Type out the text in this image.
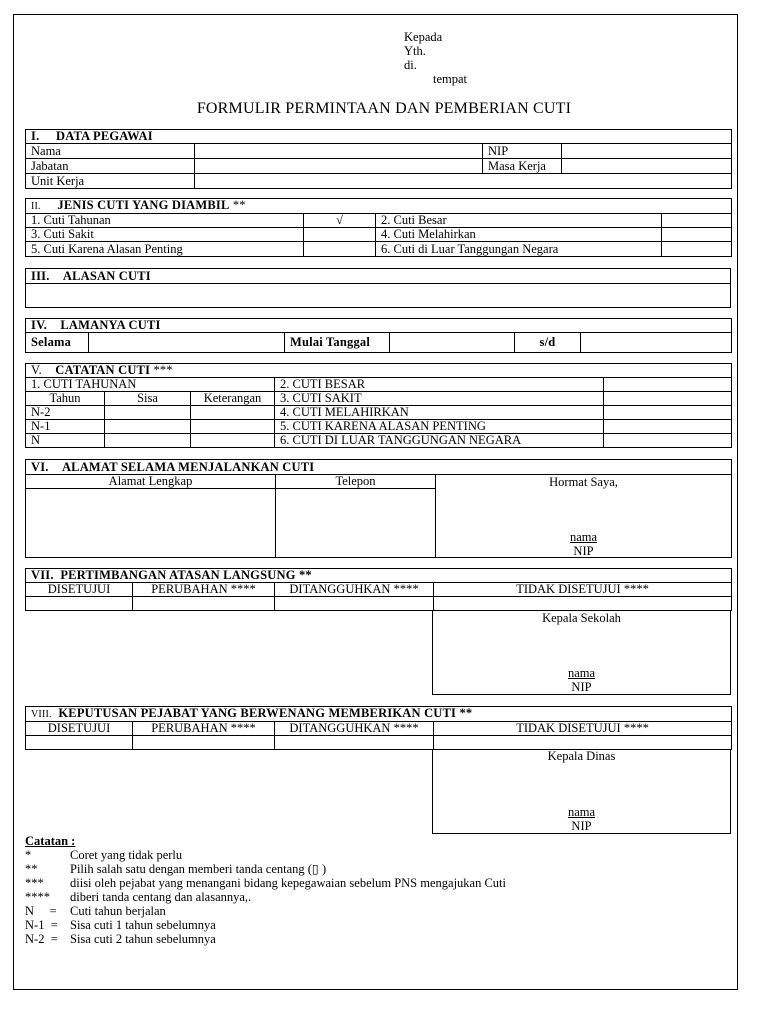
Kepada
Yth.
di.
tempat
FORMULIR PERMINTAAN DAN PEMBERIAN CUTI
I. DATA PEGAWAI			
Nama		NIP	
Jabatan		Masa Kerja	
Unit Kerja			
II. JENIS CUTI YANG DIAMBIL **			
1. Cuti Tahunan	√	2. Cuti Besar	
3. Cuti Sakit		4. Cuti Melahirkan	
5. Cuti Karena Alasan Penting		6. Cuti di Luar Tanggungan Negara	
III. ALASAN CUTI

IV. LAMANYA CUTI
Selama		Mulai Tanggal		s/d	
V. CATATAN CUTI ***				
1. CUTI TAHUNAN			2. CUTI BESAR	
Tahun	Sisa	Keterangan	3. CUTI SAKIT	
N-2			4. CUTI MELAHIRKAN	
N-1			5. CUTI KARENA ALASAN PENTING	
N			6. CUTI DI LUAR TANGGUNGAN NEGARA	
VI. ALAMAT SELAMA MENJALANKAN CUTI		
Alamat Lengkap	Telepon	Hormat Saya,
nama
NIP

VII. PERTIMBANGAN ATASAN LANGSUNG **			
DISETUJUI	PERUBAHAN ****	DITANGGUHKAN ****	TIDAK DISETUJUI ****

Kepala Sekolah
nama
NIP
VIII. KEPUTUSAN PEJABAT YANG BERWENANG MEMBERIKAN CUTI **			
DISETUJUI	PERUBAHAN ****	DITANGGUHKAN ****	TIDAK DISETUJUI ****

Kepala Dinas
nama
NIP
Catatan :
*	Coret yang tidak perlu
**	Pilih salah satu dengan memberi tanda centang (▯ )
*** diisi oleh pejabat yang menangani bidang kepegawaian sebelum PNS mengajukan Cuti
**** diberi tanda centang dan alasannya,.
N     = Cuti tahun berjalan
N-1  = Sisa cuti 1 tahun sebelumnya
N-2  = Sisa cuti 2 tahun sebelumnya
